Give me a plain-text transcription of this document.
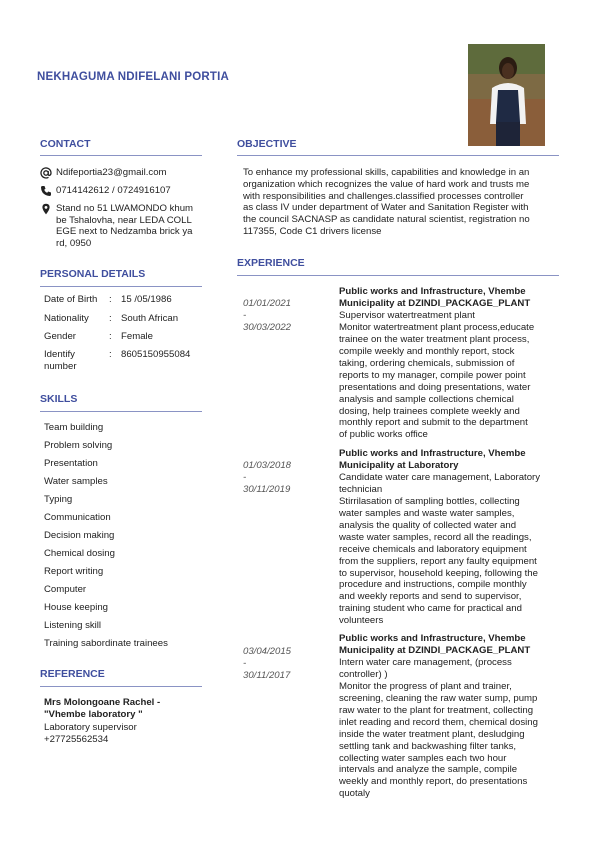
NEKHAGUMA NDIFELANI PORTIA
CONTACT
Ndifeportia23@gmail.com
0714142612 / 0724916107
Stand no 51 LWAMONDO khum
be Tshalovha, near LEDA COLL
EGE next to Nedzamba brick ya
rd, 0950
PERSONAL DETAILS
Date of Birth	: 15 /05/1986
Nationality	: South African
Gender	: Female
Identify
number
: 8605150955084
SKILLS
Team building
Problem solving
Presentation
Water samples
Typing
Communication
Decision making
Chemical dosing
Report writing
Computer
House keeping
Listening skill
Training sabordinate trainees
REFERENCE
Mrs Molongoane Rachel -
"Vhembe laboratory "
Laboratory supervisor
+27725562534
OBJECTIVE
To enhance my professional skills, capabilities and knowledge in an
organization which recognizes the value of hard work and trusts me
with responsibilities and challenges.classified processes controller
as class IV under department of Water and Sanitation Register with
the council SACNASP as candidate natural scientist, registration no
117355, Code C1 drivers license
EXPERIENCE
01/01/2021
-
30/03/2022
Public works and Infrastructure, Vhembe
Municipality at DZINDI_PACKAGE_PLANT
Supervisor watertreatment plant
Monitor watertreatment plant process,educate
trainee on the water treatment plant process,
compile weekly and monthly report, stock
taking, ordering chemicals, submission of
reports to my manager, compile power point
presentations and doing presentations, water
analysis and sample collections chemical
dosing, help trainees complete weekly and
monthly report and submit to the department
of public works office
01/03/2018
-
30/11/2019
Public works and Infrastructure, Vhembe
Municipality at Laboratory
Candidate water care management, Laboratory
technician
Stirrilasation of sampling bottles, collecting
water samples and waste water samples,
analysis the quality of collected water and
waste water samples, record all the readings,
receive chemicals and laboratory equipment
from the suppliers, report any faulty equipment
to supervisor, household keeping, following the
procedure and instructions, compile monthly
and weekly reports and send to supervisor,
training student who came for practical and
volunteers
03/04/2015
-
30/11/2017
Public works and Infrastructure, Vhembe
Municipality at DZINDI_PACKAGE_PLANT
Intern water care management, (process
controller) )
Monitor the progress of plant and trainer,
screening, cleaning the raw water sump, pump
raw water to the plant for treatment, collecting
inlet reading and record them, chemical dosing
inside the water treatment plant, desludging
settling tank and backwashing filter tanks,
collecting water samples each two hour
intervals and analyze the sample, compile
weekly and monthly report, do presentations
quotaly
